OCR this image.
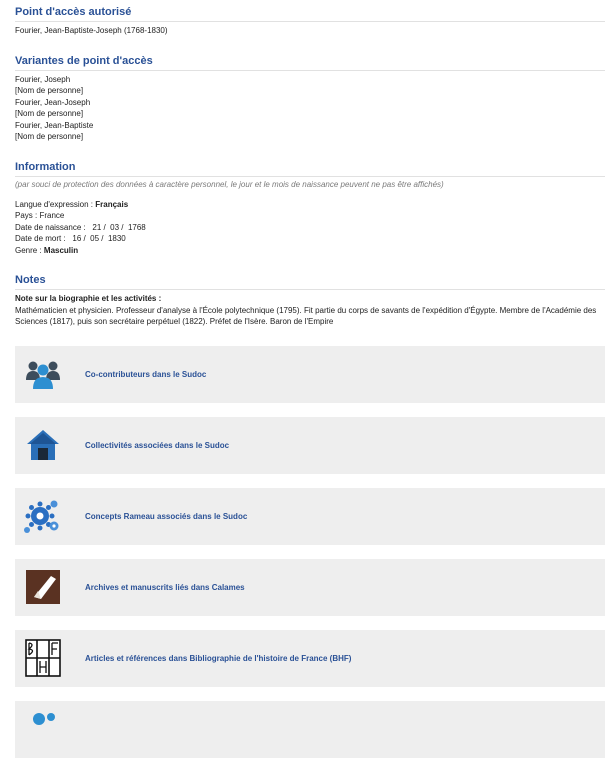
Point d'accès autorisé
Fourier, Jean-Baptiste-Joseph (1768-1830)
Variantes de point d'accès
Fourier, Joseph
[Nom de personne]
Fourier, Jean-Joseph
[Nom de personne]
Fourier, Jean-Baptiste
[Nom de personne]
Information
(par souci de protection des données à caractère personnel, le jour et le mois de naissance peuvent ne pas être affichés)
Langue d'expression : Français
Pays : France
Date de naissance :   21 /  03 /  1768
Date de mort :   16 /  05 /  1830
Genre : Masculin
Notes
Note sur la biographie et les activités :
Mathématicien et physicien. Professeur d'analyse à l'École polytechnique (1795). Fit partie du corps de savants de l'expédition d'Égypte. Membre de l'Académie des Sciences (1817), puis son secrétaire perpétuel (1822). Préfet de l'Isère. Baron de l'Empire
Co-contributeurs dans le Sudoc
Collectivités associées dans le Sudoc
Concepts Rameau associés dans le Sudoc
Archives et manuscrits liés dans Calames
Articles et références dans Bibliographie de l'histoire de France (BHF)
